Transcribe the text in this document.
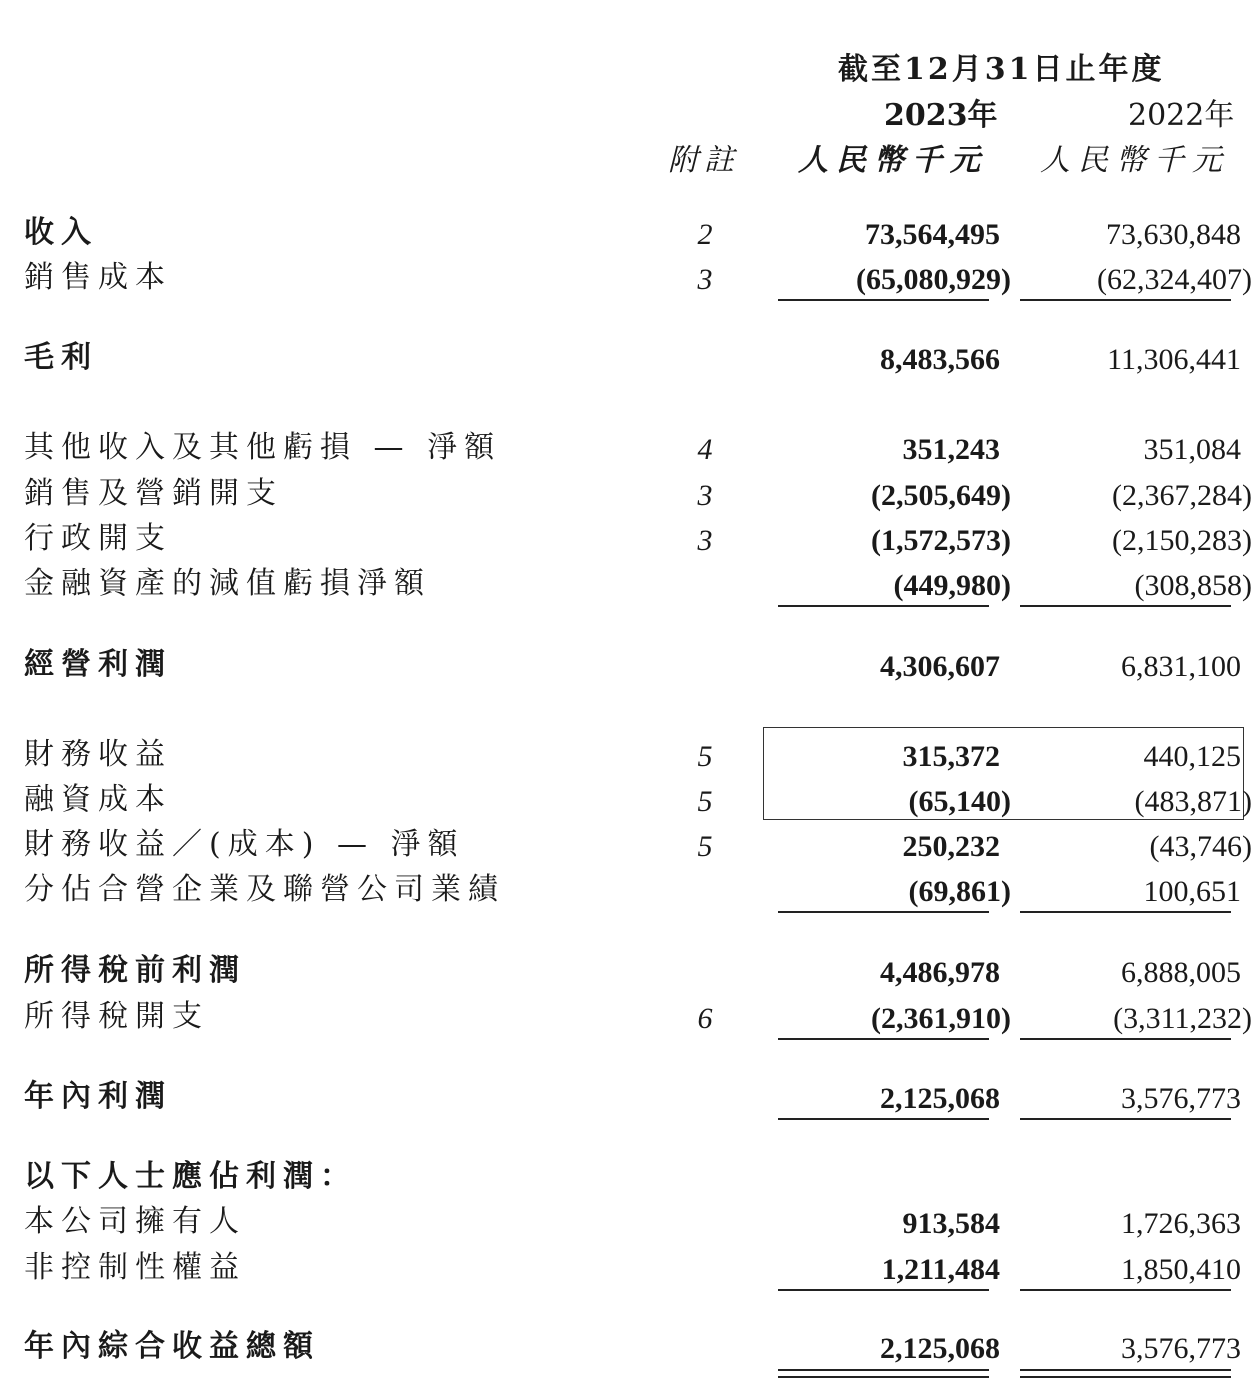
截至12月31日止年度
2023年	2022年
附註 人民幣千元 人民幣千元
收入	2	73,564,495	73,630,848
銷售成本	3	(65,080,929)	(62,324,407)
毛利	8,483,566	11,306,441
其他收入及其他虧損 — 淨額	4	351,243	351,084
銷售及營銷開支	3	(2,505,649)	(2,367,284)
行政開支	3	(1,572,573)	(2,150,283)
金融資產的減值虧損淨額	(449,980)	(308,858)
經營利潤	4,306,607	6,831,100
財務收益	5	315,372	440,125
融資成本	5	(65,140)	(483,871)
財務收益／(成本) — 淨額	5	250,232	(43,746)
分佔合營企業及聯營公司業績	(69,861)	100,651
所得稅前利潤	4,486,978	6,888,005
所得稅開支	6	(2,361,910)	(3,311,232)
年內利潤	2,125,068	3,576,773
以下人士應佔利潤：
本公司擁有人	913,584	1,726,363
非控制性權益	1,211,484	1,850,410
年內綜合收益總額	2,125,068	3,576,773
